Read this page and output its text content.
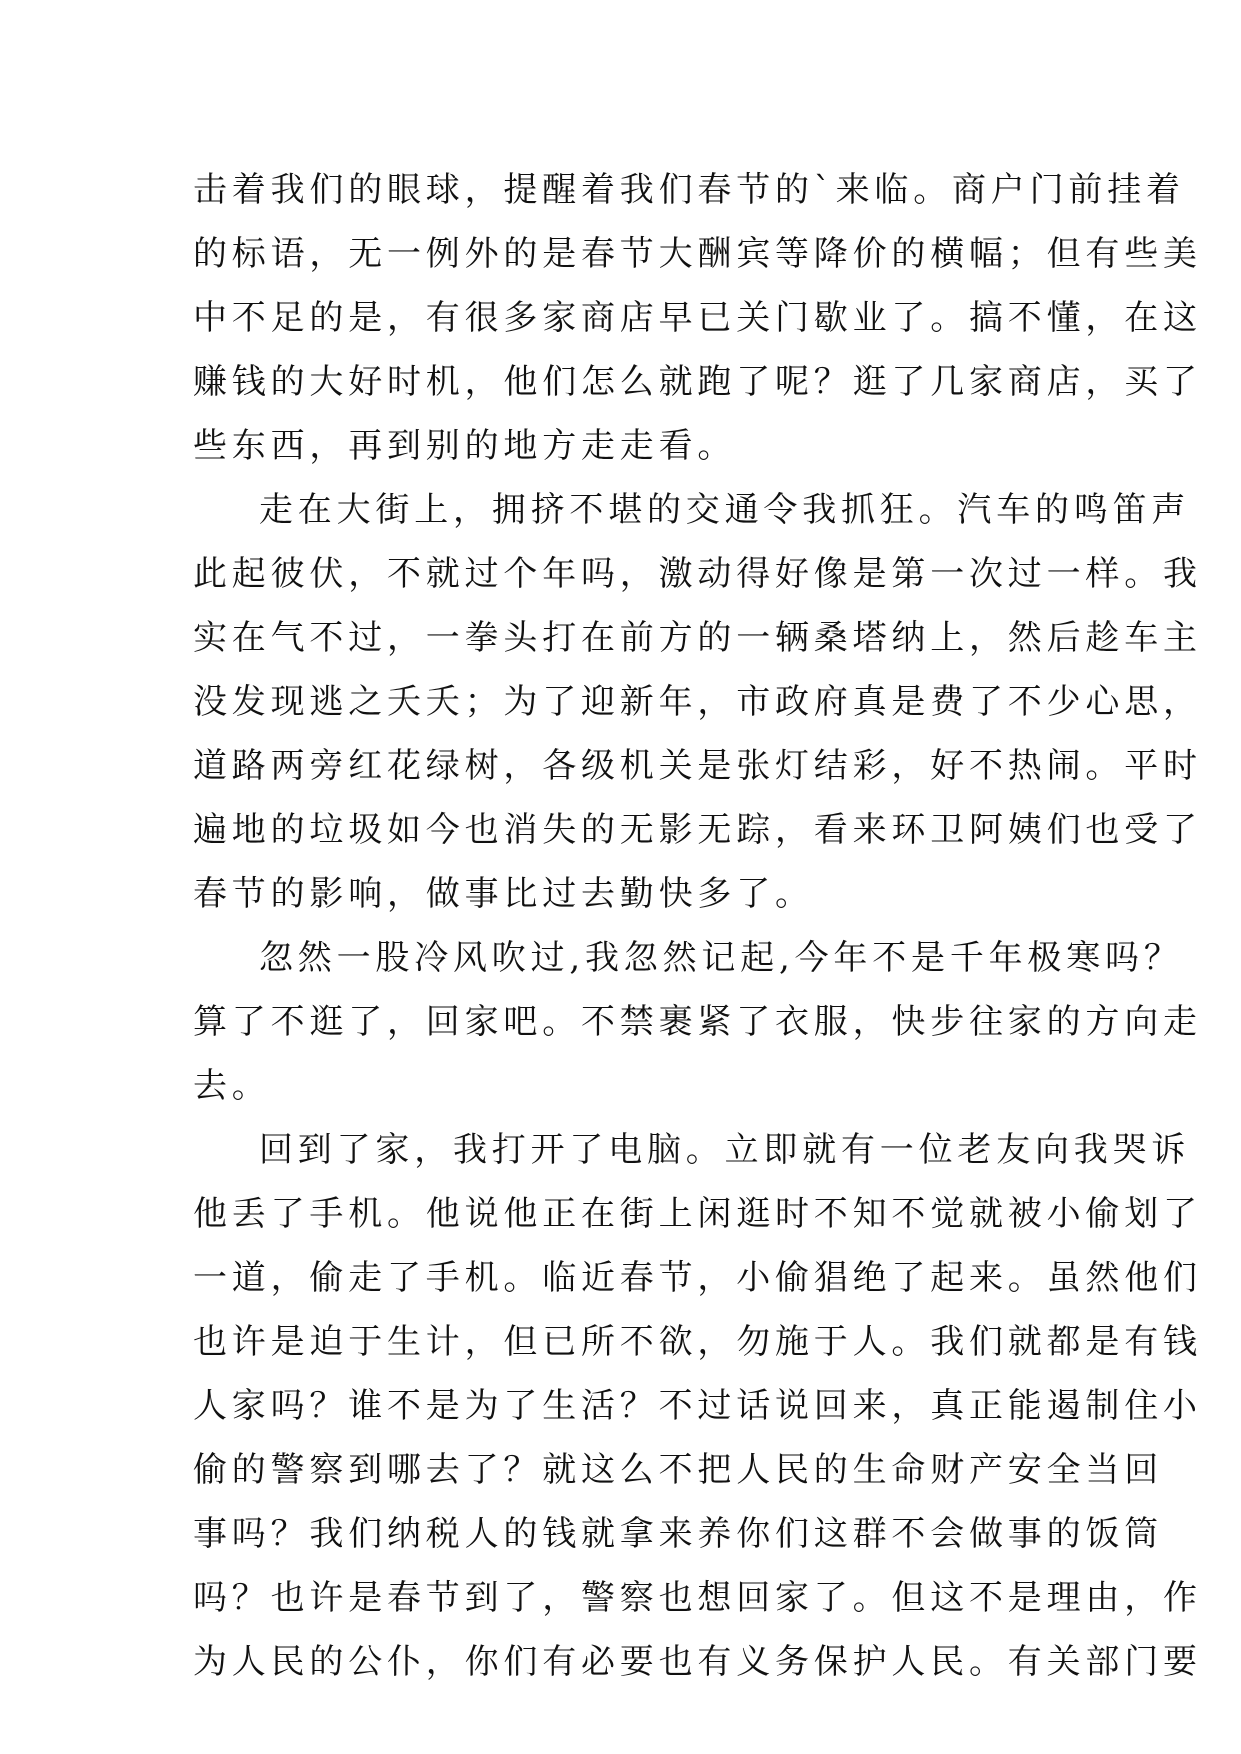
击着我们的眼球，提醒着我们春节的`来临。商户门前挂着
的标语，无一例外的是春节大酬宾等降价的横幅；但有些美
中不足的是，有很多家商店早已关门歇业了。搞不懂，在这
赚钱的大好时机，他们怎么就跑了呢？逛了几家商店，买了
些东西，再到别的地方走走看。
走在大街上，拥挤不堪的交通令我抓狂。汽车的鸣笛声
此起彼伏，不就过个年吗，激动得好像是第一次过一样。我
实在气不过，一拳头打在前方的一辆桑塔纳上，然后趁车主
没发现逃之夭夭；为了迎新年，市政府真是费了不少心思，
道路两旁红花绿树，各级机关是张灯结彩，好不热闹。平时
遍地的垃圾如今也消失的无影无踪，看来环卫阿姨们也受了
春节的影响，做事比过去勤快多了。
忽然一股冷风吹过,我忽然记起,今年不是千年极寒吗？
算了不逛了，回家吧。不禁裹紧了衣服，快步往家的方向走
去。
回到了家，我打开了电脑。立即就有一位老友向我哭诉
他丢了手机。他说他正在街上闲逛时不知不觉就被小偷划了
一道，偷走了手机。临近春节，小偷猖绝了起来。虽然他们
也许是迫于生计，但已所不欲，勿施于人。我们就都是有钱
人家吗？谁不是为了生活？不过话说回来，真正能遏制住小
偷的警察到哪去了？就这么不把人民的生命财产安全当回
事吗？我们纳税人的钱就拿来养你们这群不会做事的饭筒
吗？也许是春节到了，警察也想回家了。但这不是理由，作
为人民的公仆，你们有必要也有义务保护人民。有关部门要
